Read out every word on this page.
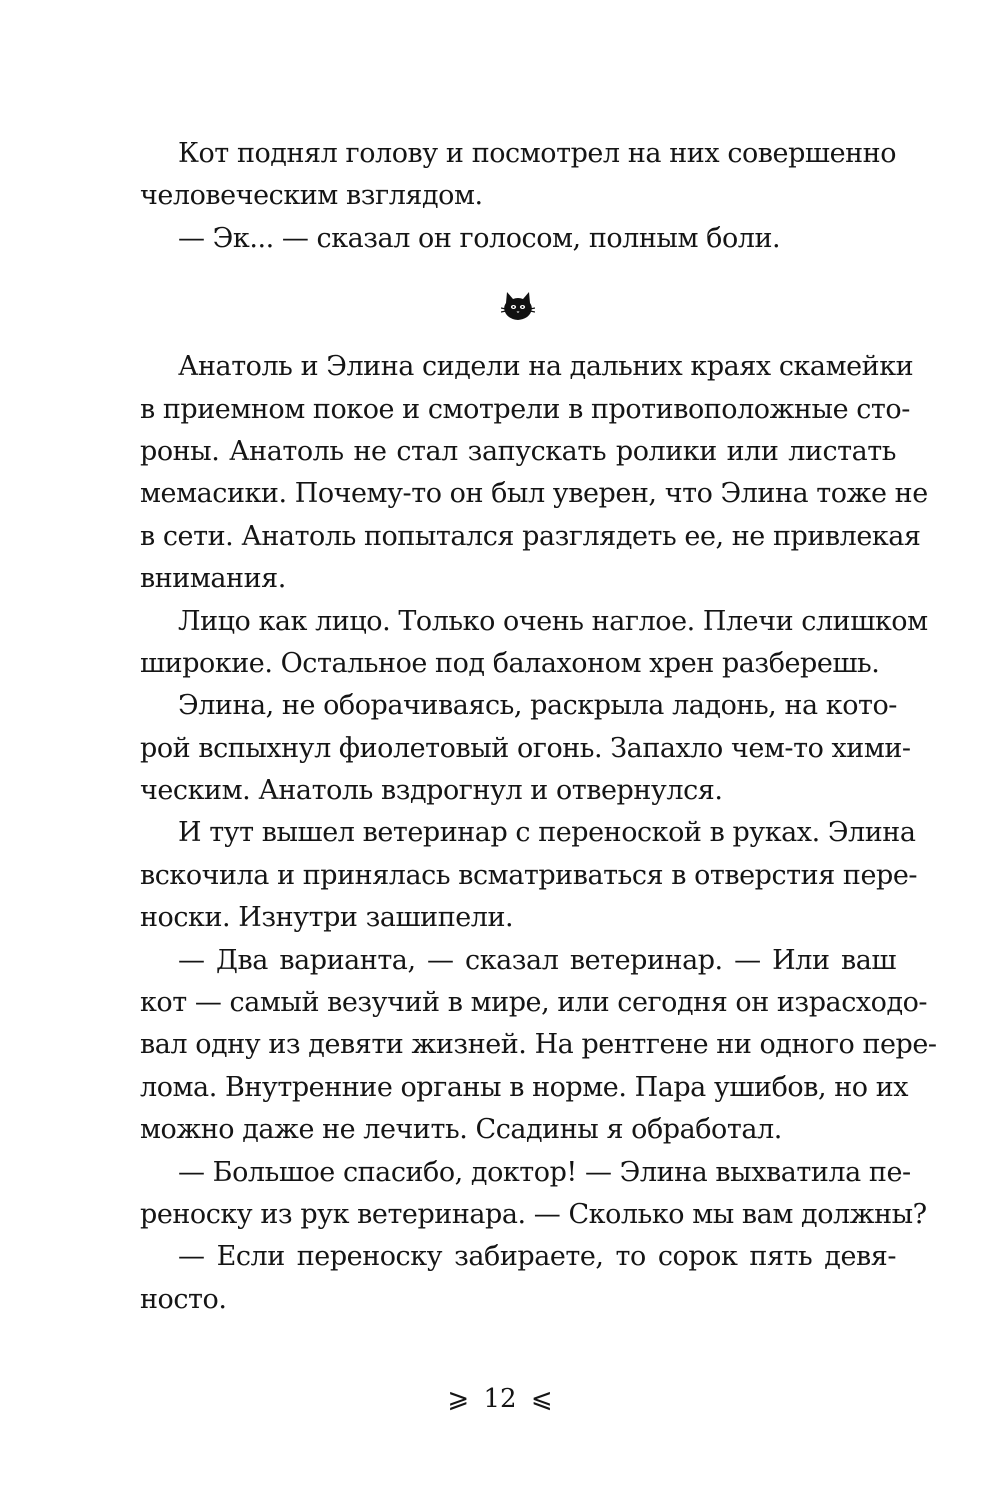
Кот поднял голову и посмотрел на них совершенно
человеческим взглядом.
— Эк... — сказал он голосом, полным боли.
Анатоль и Элина сидели на дальних краях скамейки
в приемном покое и смотрели в противоположные сто-
роны. Анатоль не стал запускать ролики или листать
мемасики. Почему-то он был уверен, что Элина тоже не
в сети. Анатоль попытался разглядеть ее, не привлекая
внимания.
Лицо как лицо. Только очень наглое. Плечи слишком
широкие. Остальное под балахоном хрен разберешь.
Элина, не оборачиваясь, раскрыла ладонь, на кото-
рой вспыхнул фиолетовый огонь. Запахло чем-то хими-
ческим. Анатоль вздрогнул и отвернулся.
И тут вышел ветеринар с переноской в руках. Элина
вскочила и принялась всматриваться в отверстия пере-
носки. Изнутри зашипели.
— Два варианта, — сказал ветеринар. — Или ваш
кот — самый везучий в мире, или сегодня он израсходо-
вал одну из девяти жизней. На рентгене ни одного пере-
лома. Внутренние органы в норме. Пара ушибов, но их
можно даже не лечить. Ссадины я обработал.
— Большое спасибо, доктор! — Элина выхватила пе-
реноску из рук ветеринара. — Сколько мы вам должны?
— Если переноску забираете, то сорок пять девя-
носто.
⩾ 12 ⩽
